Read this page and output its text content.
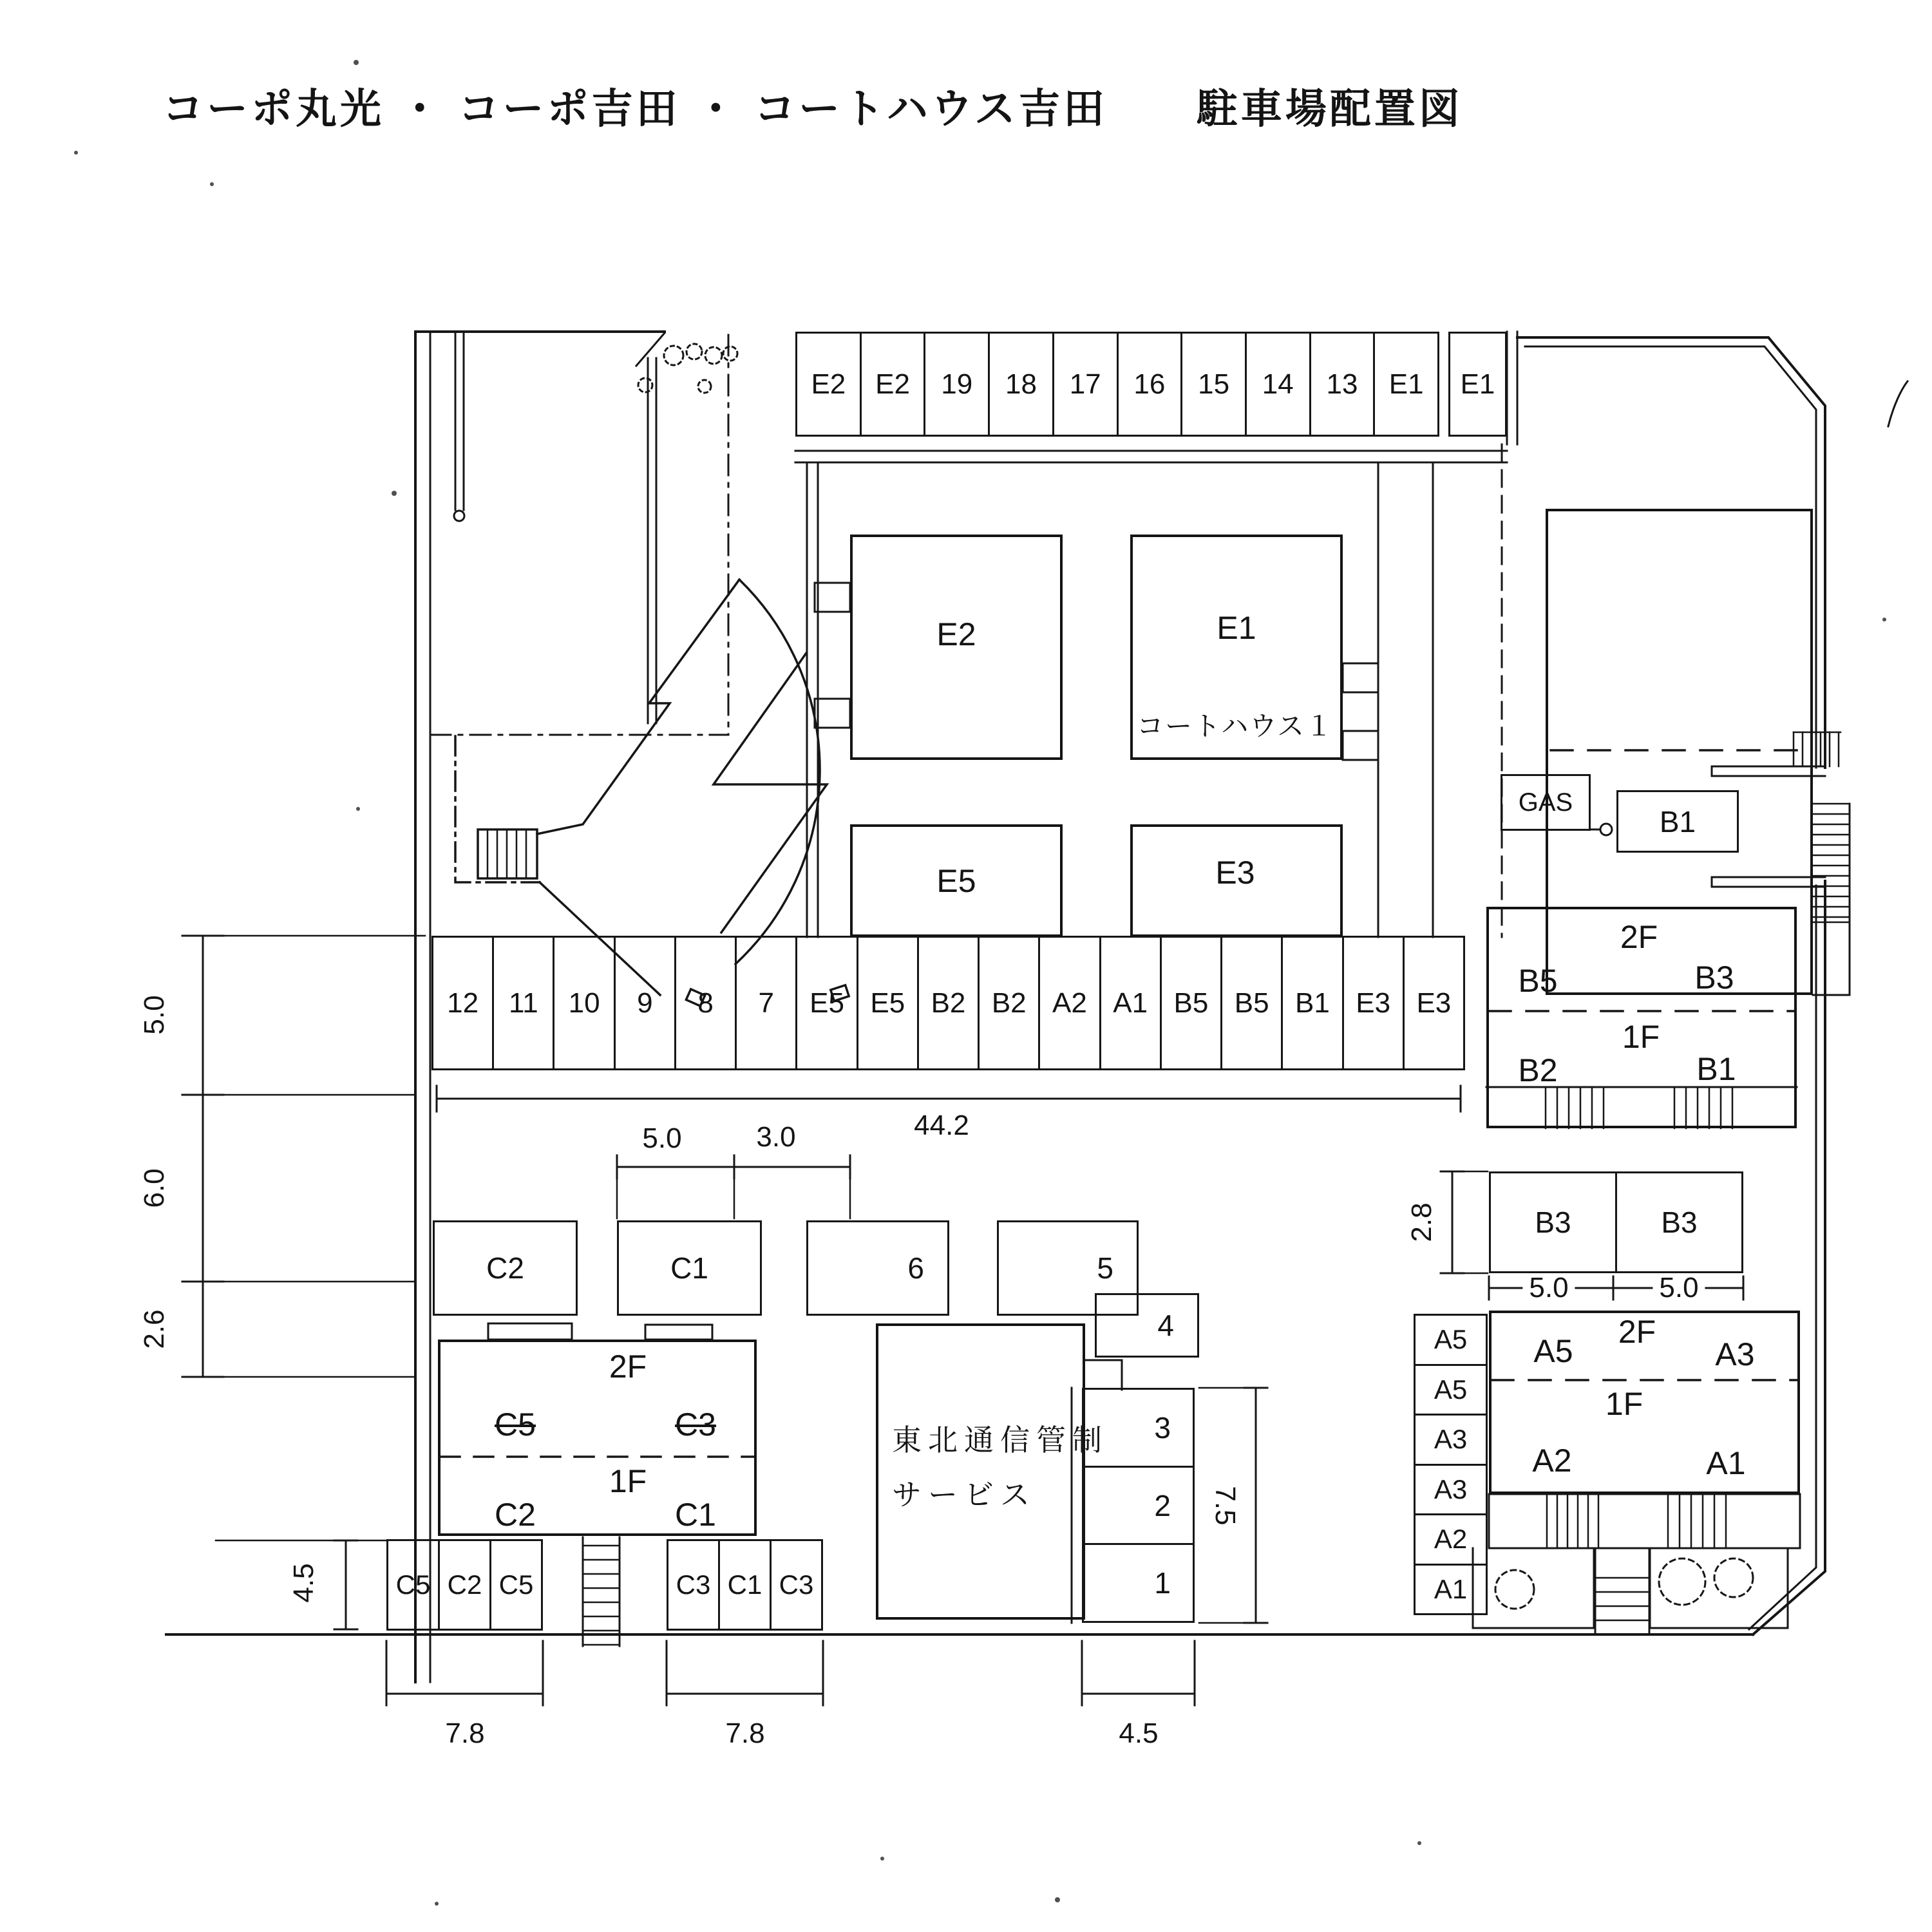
コーポ丸光 ・ コーポ吉田 ・ コートハウス吉田　　駐車場配置図
E2	E1
コートハウス１
E5	E3
2F
B5	B3
1F
B2	B1
2F
A5	A3
1F
A2	A1
2F
C5	C3
1F
C2	C1
東北通信管制
サービス
5.0
6.0
2.6
44.2
5.0	3.0
7.8	7.8
4.5
7.5
4.5
2.8
5.0	5.0
E2	E2	19	18	17	16	15	14	13	E1	E1
12	11	10	9	8	7	E5 E5 B2 B2 A2 A1 B5 B5 B1 E3 E3
A5
A5
A3
A3
A2
A1
B3	B3
C5 C2 C5	C3 C1 C3
3
2
1
C2	C1	6	5
4
GAS
B1
